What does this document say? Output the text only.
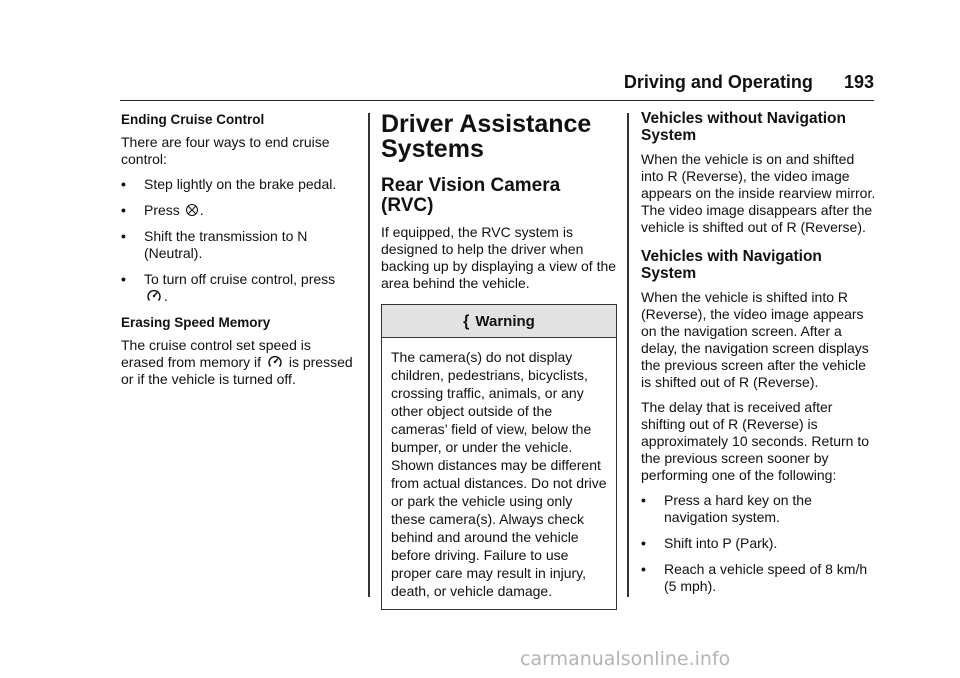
Driving and Operating 193
Ending Cruise Control

There are four ways to end cruise control:

•	Step lightly on the brake pedal.
•	Press .
•	Shift the transmission to N (Neutral).
•	To turn off cruise control, press .
Erasing Speed Memory

The cruise control set speed is erased from memory if is pressed or if the vehicle is turned off.

Driver Assistance Systems
Rear Vision Camera (RVC)

If equipped, the RVC system is designed to help the driver when backing up by displaying a view of the area behind the vehicle.

{ Warning
The camera(s) do not display children, pedestrians, bicyclists, crossing traffic, animals, or any other object outside of the cameras’ field of view, below the bumper, or under the vehicle. Shown distances may be different from actual distances. Do not drive or park the vehicle using only these camera(s). Always check behind and around the vehicle before driving. Failure to use proper care may result in injury, death, or vehicle damage.
Vehicles without Navigation System

When the vehicle is on and shifted into R (Reverse), the video image appears on the inside rearview mirror. The video image disappears after the vehicle is shifted out of R (Reverse).

Vehicles with Navigation System

When the vehicle is shifted into R (Reverse), the video image appears on the navigation screen. After a delay, the navigation screen displays the previous screen after the vehicle is shifted out of R (Reverse).

The delay that is received after shifting out of R (Reverse) is approximately 10 seconds. Return to the previous screen sooner by performing one of the following:

•	Press a hard key on the navigation system.
•	Shift into P (Park).
•	Reach a vehicle speed of 8 km/h (5 mph).
carmanualsonline.info
